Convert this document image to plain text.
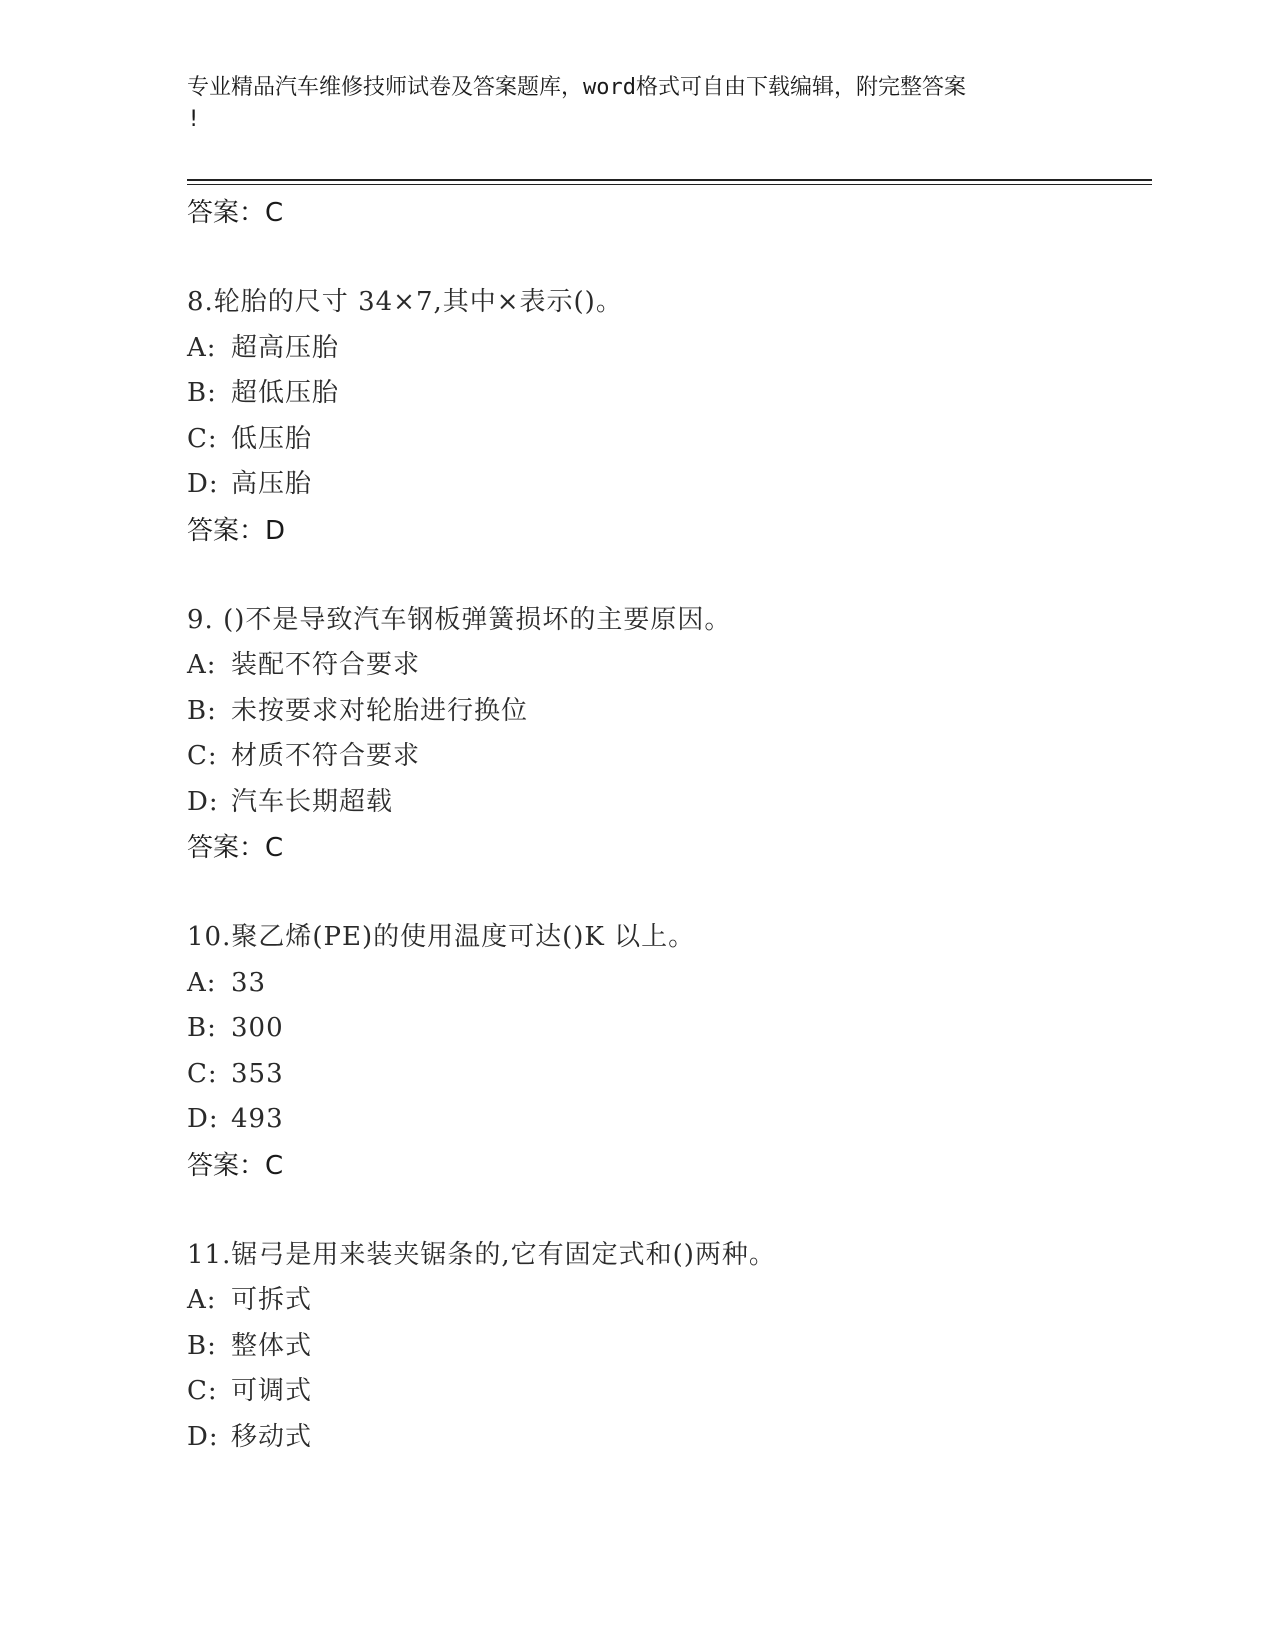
专业精品汽车维修技师试卷及答案题库，word格式可自由下载编辑，附完整答案
!
答案：C
8.轮胎的尺寸 34×7,其中×表示()。
A: 超高压胎
B: 超低压胎
C: 低压胎
D: 高压胎
答案：D
9. ()不是导致汽车钢板弹簧损坏的主要原因。
A: 装配不符合要求
B: 未按要求对轮胎进行换位
C: 材质不符合要求
D: 汽车长期超载
答案：C
10.聚乙烯(PE)的使用温度可达()K 以上。
A: 33
B: 300
C: 353
D: 493
答案：C
11.锯弓是用来装夹锯条的,它有固定式和()两种。
A: 可拆式
B: 整体式
C: 可调式
D: 移动式
